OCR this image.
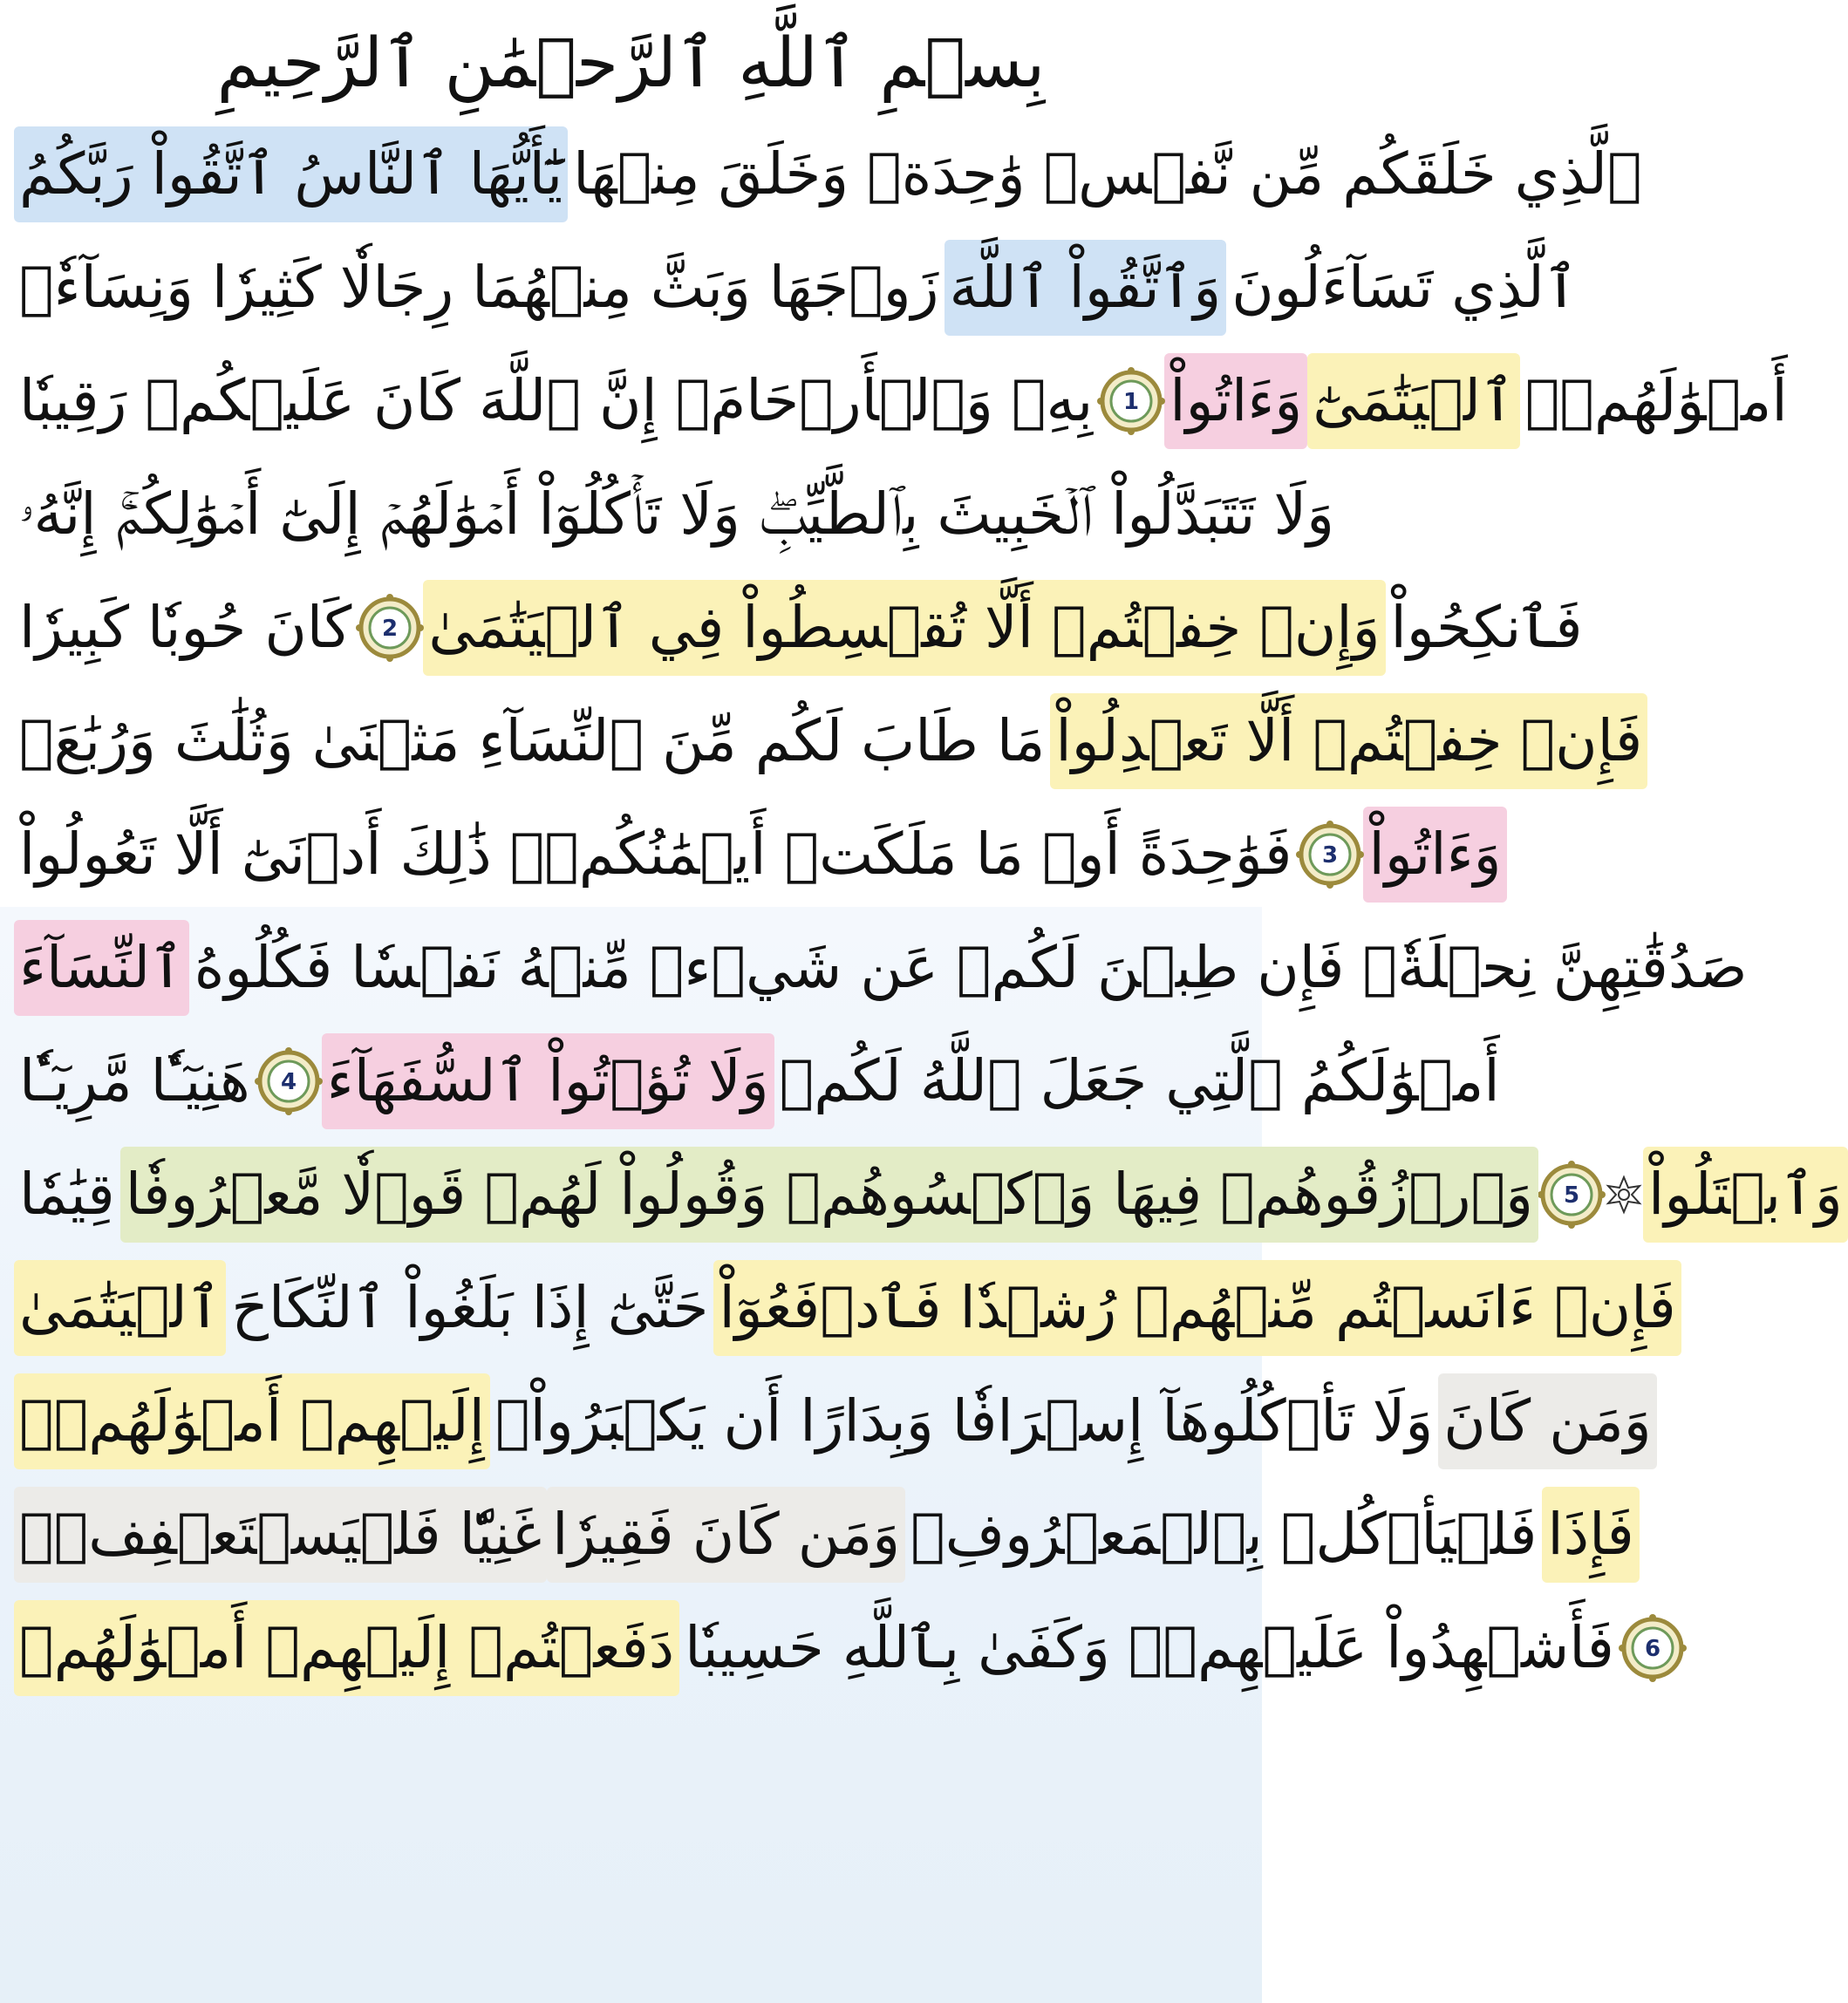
بِسۡمِ ٱللَّهِ ٱلرَّحۡمَٰنِ ٱلرَّحِيمِ
يَٰٓأَيُّهَا ٱلنَّاسُ ٱتَّقُواْ رَبَّكُمُ ٱلَّذِي خَلَقَكُم مِّن نَّفۡسٖ وَٰحِدَةٖ وَخَلَقَ مِنۡهَا
زَوۡجَهَا وَبَثَّ مِنۡهُمَا رِجَالٗا كَثِيرٗا وَنِسَآءٗۚ وَٱتَّقُواْ ٱللَّهَ ٱلَّذِي تَسَآءَلُونَ
بِهِۦ وَٱلۡأَرۡحَامَۚ إِنَّ ٱللَّهَ كَانَ عَلَيۡكُمۡ رَقِيبٗا 1 وَءَاتُواْ ٱلۡيَتَٰمَىٰٓ أَمۡوَٰلَهُمۡۖ
وَلَا تَتَبَدَّلُواْ ٱلۡخَبِيثَ بِٱلطَّيِّبِۖ وَلَا تَأۡكُلُوٓاْ أَمۡوَٰلَهُمۡ إِلَىٰٓ أَمۡوَٰلِكُمۡۚ إِنَّهُۥ
كَانَ حُوبٗا كَبِيرٗا 2 وَإِنۡ خِفۡتُمۡ أَلَّا تُقۡسِطُواْ فِي ٱلۡيَتَٰمَىٰ فَٱنكِحُواْ
مَا طَابَ لَكُم مِّنَ ٱلنِّسَآءِ مَثۡنَىٰ وَثُلَٰثَ وَرُبَٰعَۖ فَإِنۡ خِفۡتُمۡ أَلَّا تَعۡدِلُواْ
فَوَٰحِدَةً أَوۡ مَا مَلَكَتۡ أَيۡمَٰنُكُمۡۚ ذَٰلِكَ أَدۡنَىٰٓ أَلَّا تَعُولُواْ 3 وَءَاتُواْ
ٱلنِّسَآءَ صَدُقَٰتِهِنَّ نِحۡلَةٗۚ فَإِن طِبۡنَ لَكُمۡ عَن شَيۡءٖ مِّنۡهُ نَفۡسٗا فَكُلُوهُ
هَنِيٓـٔٗا مَّرِيٓـٔٗا 4 وَلَا تُؤۡتُواْ ٱلسُّفَهَآءَ أَمۡوَٰلَكُمُ ٱلَّتِي جَعَلَ ٱللَّهُ لَكُمۡ
قِيَٰمٗا وَٱرۡزُقُوهُمۡ فِيهَا وَٱكۡسُوهُمۡ وَقُولُواْ لَهُمۡ قَوۡلٗا مَّعۡرُوفٗا 5 وَٱبۡتَلُواْ
ٱلۡيَتَٰمَىٰ حَتَّىٰٓ إِذَا بَلَغُواْ ٱلنِّكَاحَ فَإِنۡ ءَانَسۡتُم مِّنۡهُمۡ رُشۡدٗا فَٱدۡفَعُوٓاْ
إِلَيۡهِمۡ أَمۡوَٰلَهُمۡۖ وَلَا تَأۡكُلُوهَآ إِسۡرَافٗا وَبِدَارًا أَن يَكۡبَرُواْۚ وَمَن كَانَ
غَنِيّٗا فَلۡيَسۡتَعۡفِفۡۖ وَمَن كَانَ فَقِيرٗا فَلۡيَأۡكُلۡ بِٱلۡمَعۡرُوفِۚ فَإِذَا
دَفَعۡتُمۡ إِلَيۡهِمۡ أَمۡوَٰلَهُمۡ فَأَشۡهِدُواْ عَلَيۡهِمۡۚ وَكَفَىٰ بِٱللَّهِ حَسِيبٗا 6
